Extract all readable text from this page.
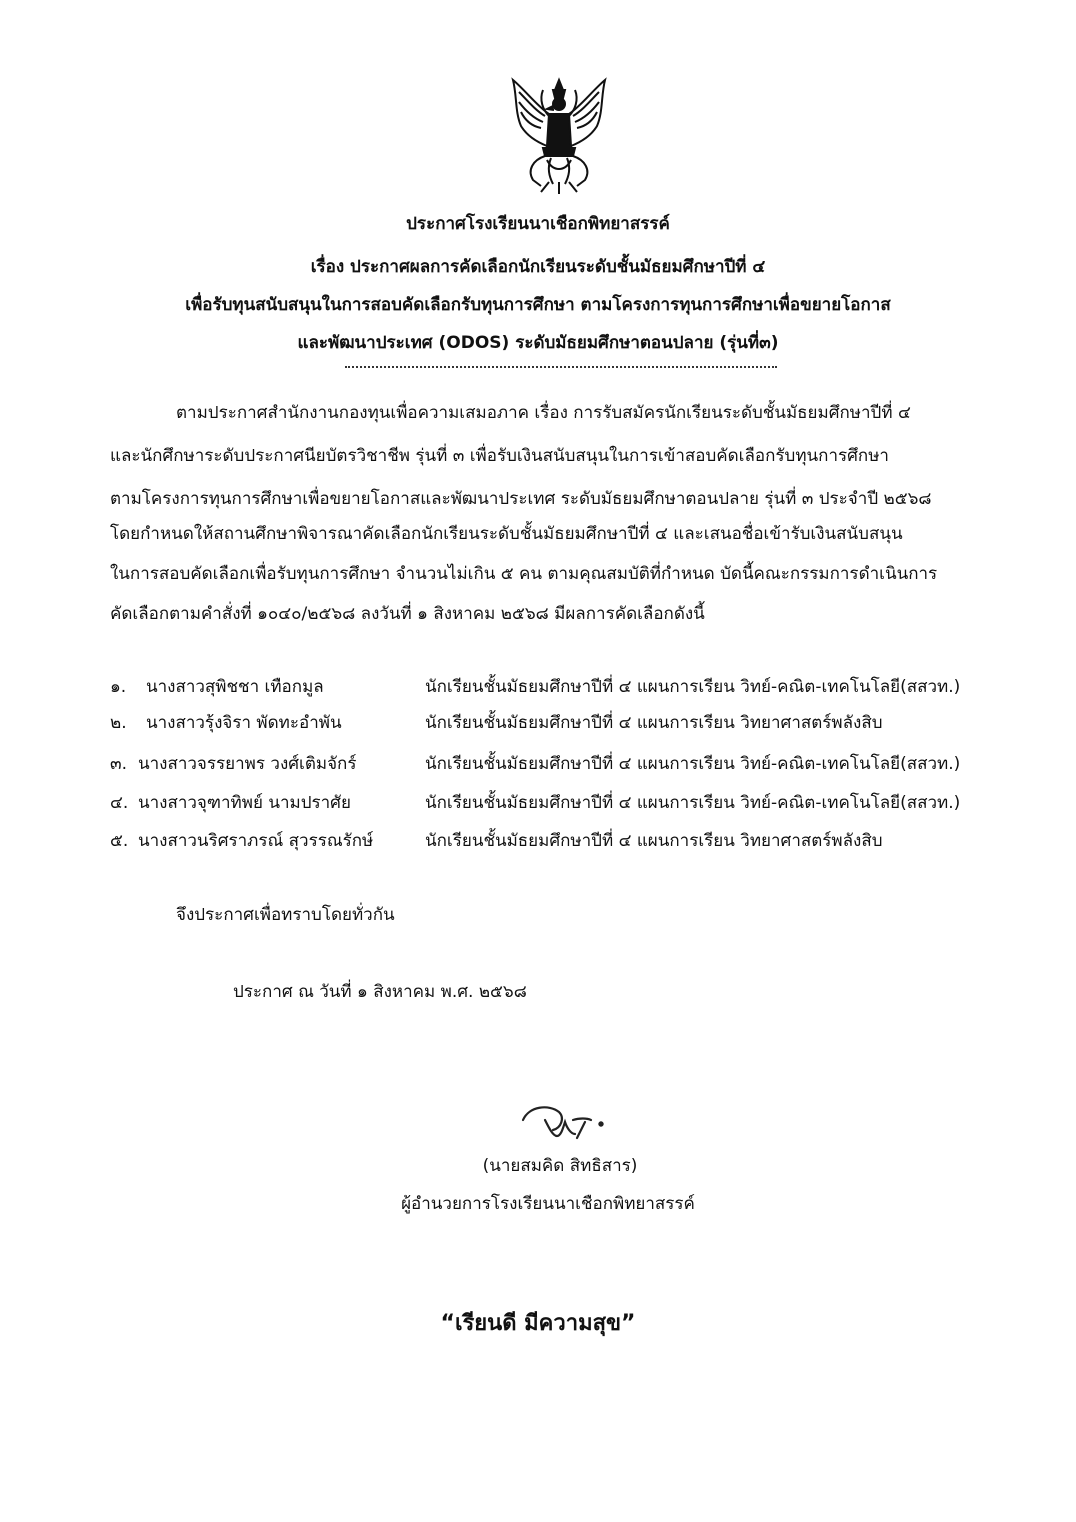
ประกาศโรงเรียนนาเชือกพิทยาสรรค์
เรื่อง ประกาศผลการคัดเลือกนักเรียนระดับชั้นมัธยมศึกษาปีที่ ๔
เพื่อรับทุนสนับสนุนในการสอบคัดเลือกรับทุนการศึกษา ตามโครงการทุนการศึกษาเพื่อขยายโอกาส
และพัฒนาประเทศ (ODOS) ระดับมัธยมศึกษาตอนปลาย (รุ่นที่๓)
ตามประกาศสำนักงานกองทุนเพื่อความเสมอภาค เรื่อง การรับสมัครนักเรียนระดับชั้นมัธยมศึกษาปีที่ ๔
และนักศึกษาระดับประกาศนียบัตรวิชาชีพ รุ่นที่ ๓ เพื่อรับเงินสนับสนุนในการเข้าสอบคัดเลือกรับทุนการศึกษา
ตามโครงการทุนการศึกษาเพื่อขยายโอกาสและพัฒนาประเทศ ระดับมัธยมศึกษาตอนปลาย รุ่นที่ ๓ ประจำปี ๒๕๖๘
โดยกำหนดให้สถานศึกษาพิจารณาคัดเลือกนักเรียนระดับชั้นมัธยมศึกษาปีที่ ๔ และเสนอชื่อเข้ารับเงินสนับสนุน
ในการสอบคัดเลือกเพื่อรับทุนการศึกษา จำนวนไม่เกิน ๕ คน ตามคุณสมบัติที่กำหนด บัดนี้คณะกรรมการดำเนินการ
คัดเลือกตามคำสั่งที่ ๑๐๔๐/๒๕๖๘ ลงวันที่ ๑ สิงหาคม ๒๕๖๘ มีผลการคัดเลือกดังนี้
๑. นางสาวสุพิชชา เทือกมูล	นักเรียนชั้นมัธยมศึกษาปีที่ ๔ แผนการเรียน วิทย์-คณิต-เทคโนโลยี(สสวท.)
๒. นางสาวรุ้งจิรา พัดทะอำพัน	นักเรียนชั้นมัธยมศึกษาปีที่ ๔ แผนการเรียน วิทยาศาสตร์พลังสิบ
๓. นางสาวจรรยาพร วงศ์เติมจักร์	นักเรียนชั้นมัธยมศึกษาปีที่ ๔ แผนการเรียน วิทย์-คณิต-เทคโนโลยี(สสวท.)
๔. นางสาวจุฑาทิพย์ นามปราศัย	นักเรียนชั้นมัธยมศึกษาปีที่ ๔ แผนการเรียน วิทย์-คณิต-เทคโนโลยี(สสวท.)
๕. นางสาวนริศราภรณ์ สุวรรณรักษ์	นักเรียนชั้นมัธยมศึกษาปีที่ ๔ แผนการเรียน วิทยาศาสตร์พลังสิบ
จึงประกาศเพื่อทราบโดยทั่วกัน
ประกาศ ณ วันที่ ๑ สิงหาคม พ.ศ. ๒๕๖๘
(นายสมคิด สิทธิสาร)
ผู้อำนวยการโรงเรียนนาเชือกพิทยาสรรค์
“เรียนดี มีความสุข”
